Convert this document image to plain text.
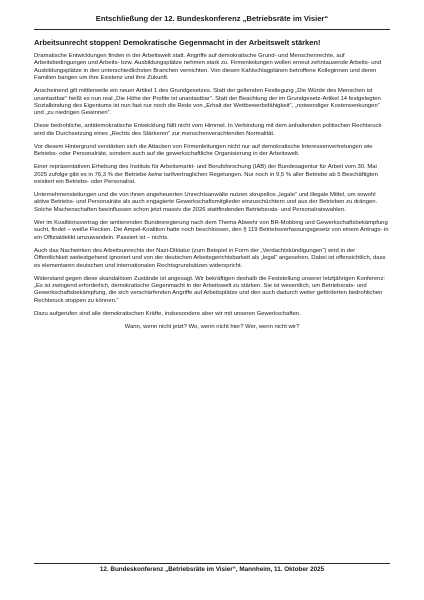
Entschließung der 12. Bundeskonferenz „Betriebsräte im Visier“
Arbeitsunrecht stoppen! Demokratische Gegenmacht in der Arbeitswelt stärken!

Dramatische Entwicklungen finden in der Arbeitswelt statt. Angriffe auf demokratische Grund- und Menschenrechte, auf Arbeitsbedingungen und Arbeits- bzw. Ausbildungsplätze nehmen stark zu. Firmenleitungen wollen erneut zehntausende Arbeits- und Ausbildungsplätze in den unterschiedlichsten Branchen vernichten. Von diesen Kahlschlagplänen betroffene Kolleginnen und deren Familien bangen um ihre Existenz und ihre Zukunft.

Anscheinend gilt mittlerweile ein neuer Artikel 1 des Grundgesetzes. Statt der geltenden Festlegung „Die Würde des Menschen ist unantastbar“ heißt es nun real „Die Höhe der Profite ist unantastbar“. Statt der Beachtung der im Grundgesetz-Artikel 14 festgelegten Sozialbindung des Eigentums ist nun fast nur noch die Rede von „Erhalt der Wettbewerbsfähigkeit“, „notwendiger Kostensenkungen“ und „zu niedrigen Gewinnen“.

Diese bedrohliche, antidemokratische Entwicklung fällt nicht vom Himmel. In Verbindung mit dem anhaltenden politischen Rechtsruck wird die Durchsetzung eines „Rechts des Stärkeren“ zur menschenverachtenden Normalität.

Vor diesem Hintergrund verstärken sich die Attacken von Firmenleitungen nicht nur auf demokratische Interessenvertretungen wie Betriebs- oder Personalräte, sondern auch auf die gewerkschaftliche Organisierung in der Arbeitswelt.

Einer repräsentativen Erhebung des Instituts für Arbeitsmarkt- und Berufsforschung (IAB) der Bundesagentur für Arbeit vom 30. Mai 2025 zufolge gibt es in 76,3 % der Betriebe keine tarifvertraglichen Regelungen. Nur noch in 9,5 % aller Betriebe ab 5 Beschäftigten existiert ein Betriebs- oder Personalrat.

Unternehmensleitungen und die von ihnen angeheuerten Unrechtsanwälte nutzen skrupellos „legale“ und illegale Mittel, um sowohl aktive Betriebs- und Personalräte als auch engagierte Gewerkschaftsmitglieder einzuschüchtern und aus der Betrieben zu drängen. Solche Machenschaften beeinflussen schon jetzt massiv die 2026 stattfindenden Betriebsrats- und Personalratswahlen.

Wer im Koalitionsvertrag der amtierenden Bundesregierung nach dem Thema Abwehr von BR-Mobbing und Gewerkschaftsbekämpfung sucht, findet – weiße Flecken. Die Ampel-Koalition hatte noch beschlossen, den § 119 Betriebsverfassungsgesetz von einem Antrags- in ein Offizialdelikt umzuwandeln. Passiert ist – nichts.

Auch das Nachwirken des Arbeitsunrechts der Nazi-Diktatur (zum Beispiel in Form der „Verdachtskündigungen“) wird in der Öffentlichkeit weitestgehend ignoriert und von der deutschen Arbeitsgerichtsbarkeit als „legal“ angesehen. Dabei ist offensichtlich, dass es elementaren deutschen und internationalen Rechtsgrundsätzen widerspricht.

Widerstand gegen diese skandalösen Zustände ist angesagt. Wir bekräftigen deshalb die Feststellung unserer letztjährigen Konferenz: „Es ist zwingend erforderlich, demokratische Gegenmacht in der Arbeitswelt zu stärken. Sie ist wesentlich, um Betriebsrats- und Gewerkschaftsbekämpfung, die sich verschärfenden Angriffe auf Arbeitsplätze und den auch dadurch weiter geförderten bedrohlichen Rechtsruck stoppen zu können.“

Dazu aufgerufen sind alle demokratischen Kräfte, insbesondere aber wir mit unseren Gewerkschaften.

Wann, wenn nicht jetzt? Wo, wenn nicht hier? Wer, wenn nicht wir?

12. Bundeskonferenz „Betriebsräte im Visier“, Mannheim, 11. Oktober 2025
